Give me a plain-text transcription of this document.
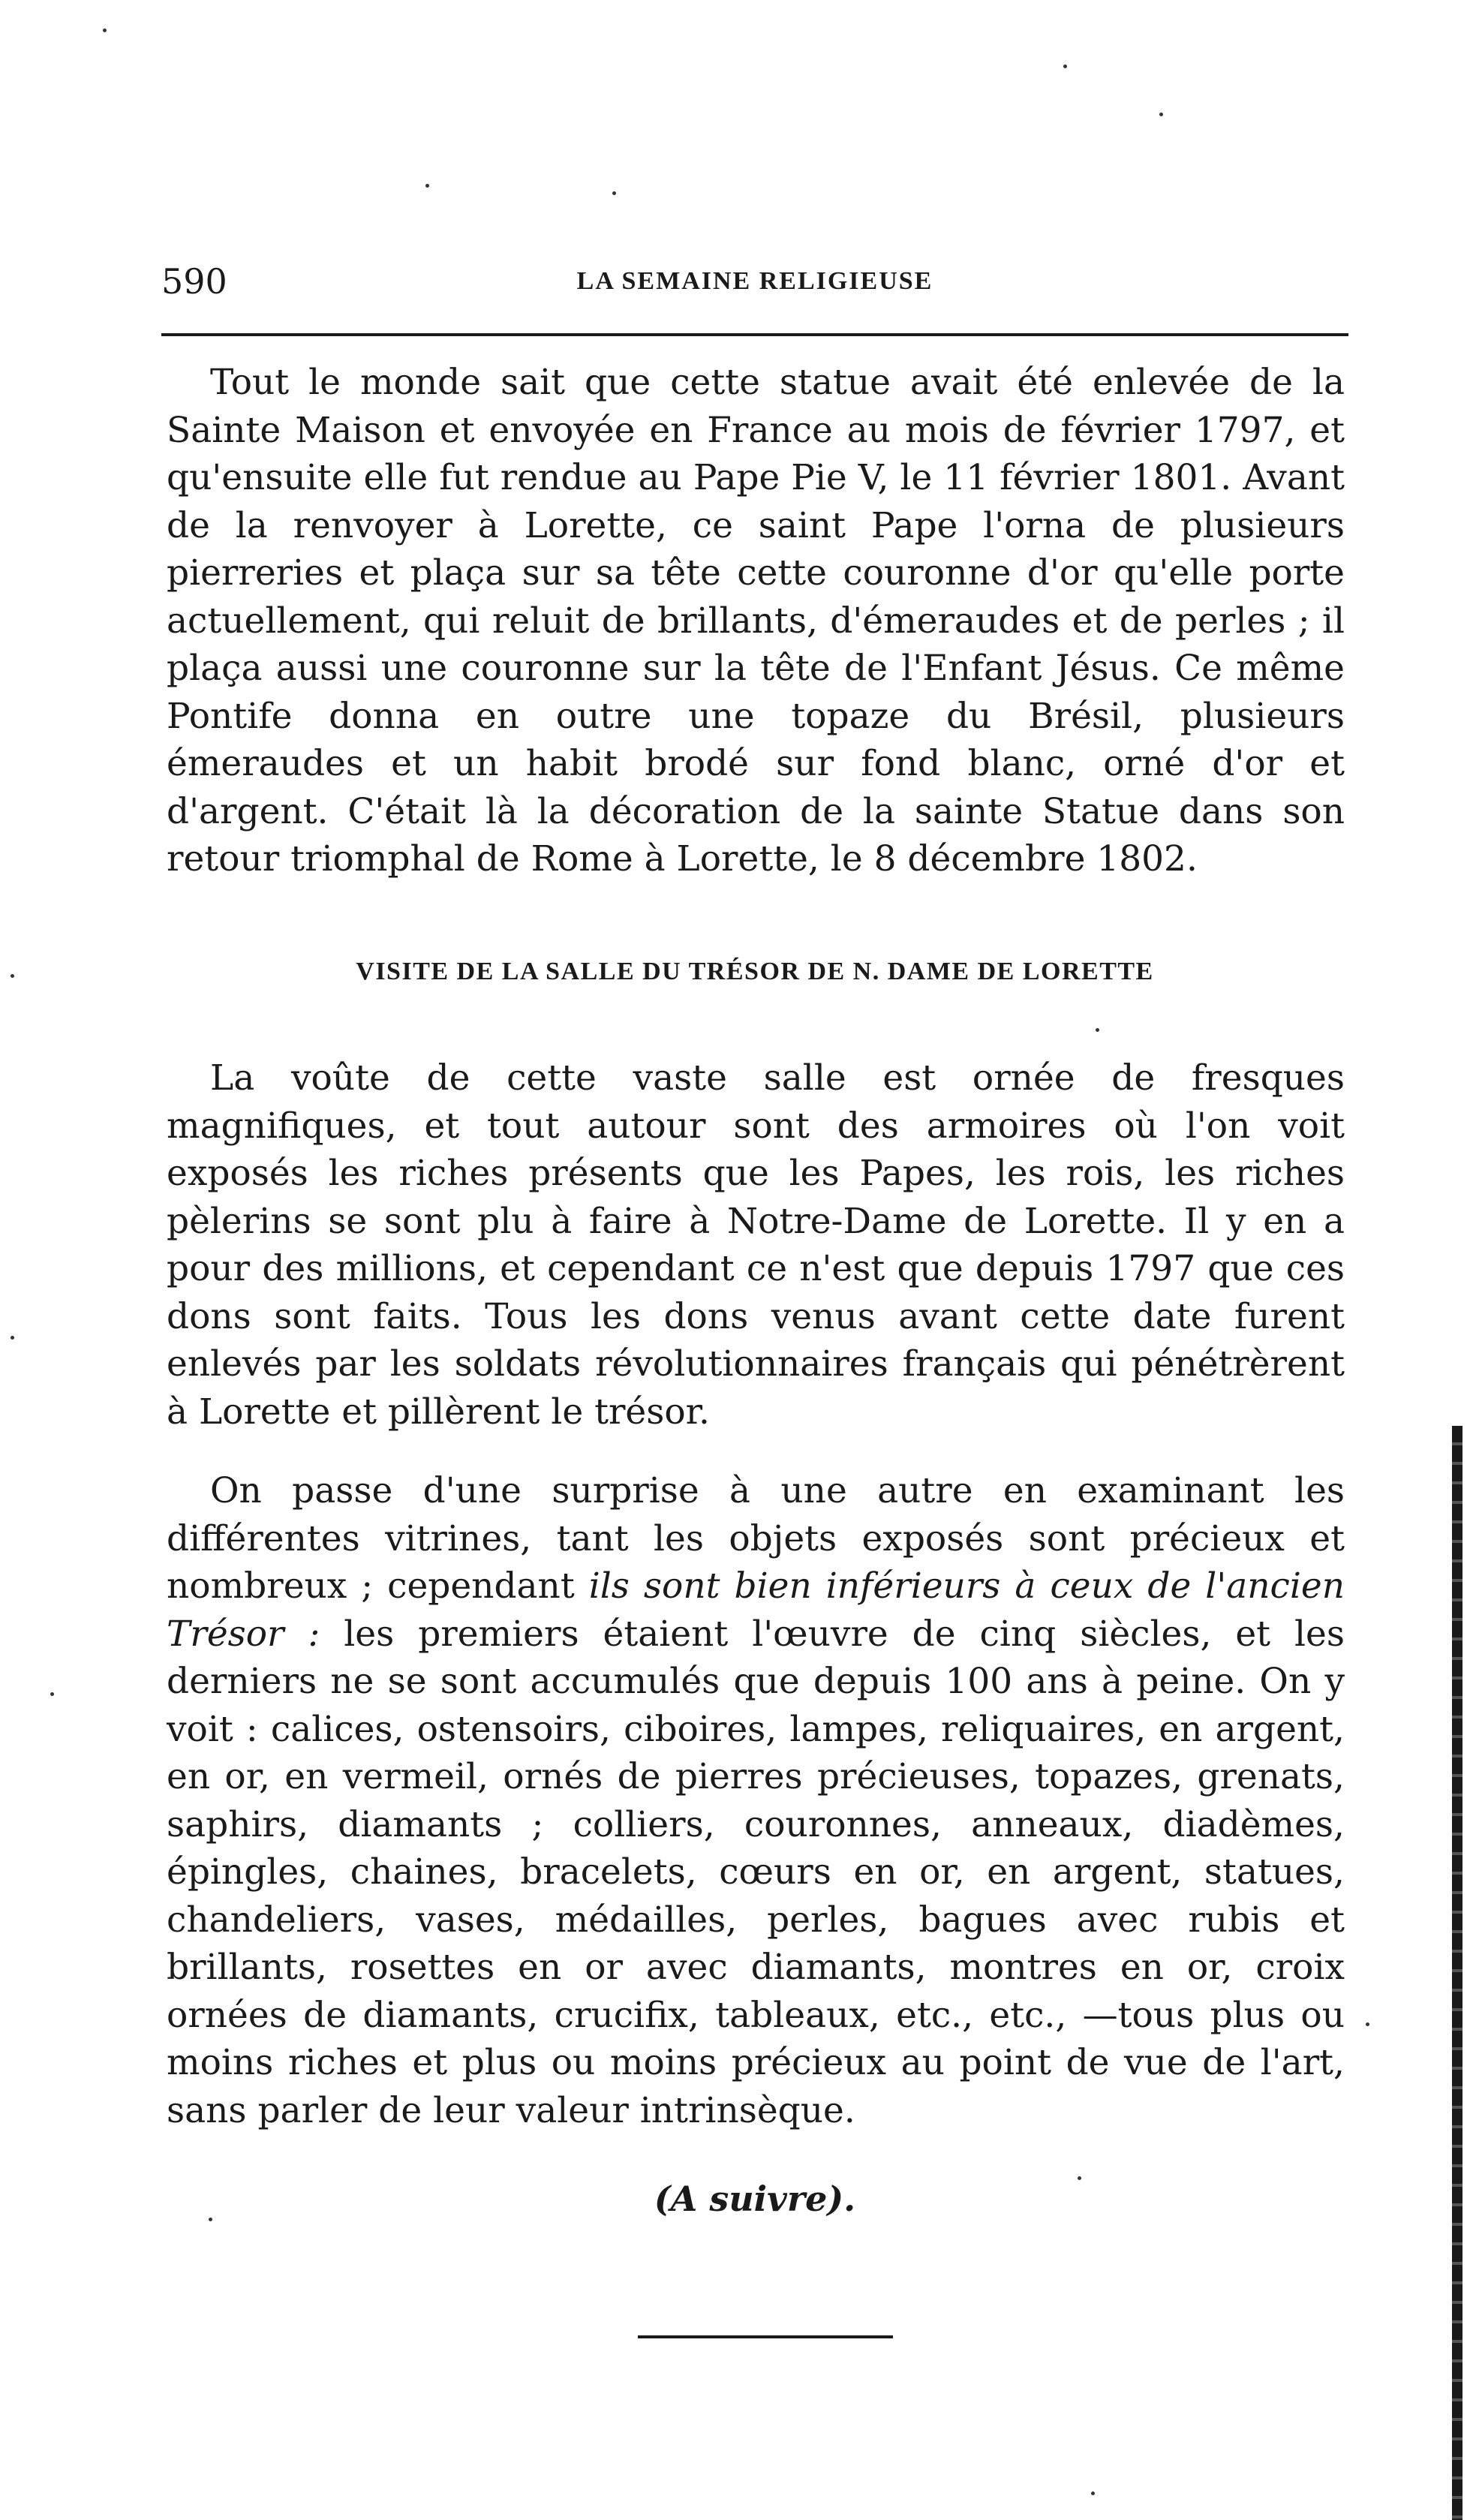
590	LA SEMAINE RELIGIEUSE
Tout le monde sait que cette statue avait été enlevée de la Sainte Maison et envoyée en France au mois de février 1797, et qu'ensuite elle fut rendue au Pape Pie V, le 11 février 1801. Avant de la renvoyer à Lorette, ce saint Pape l'orna de plusieurs pierreries et plaça sur sa tête cette couronne d'or qu'elle porte actuellement, qui reluit de brillants, d'émeraudes et de perles ; il plaça aussi une couronne sur la tête de l'Enfant Jésus. Ce même Pontife donna en outre une topaze du Brésil, plusieurs émeraudes et un habit brodé sur fond blanc, orné d'or et d'argent. C'était là la décoration de la sainte Statue dans son retour triomphal de Rome à Lorette, le 8 décembre 1802.
VISITE DE LA SALLE DU TRÉSOR DE N. DAME DE LORETTE
La voûte de cette vaste salle est ornée de fresques magnifiques, et tout autour sont des armoires où l'on voit exposés les riches présents que les Papes, les rois, les riches pèlerins se sont plu à faire à Notre-Dame de Lorette. Il y en a pour des millions, et cependant ce n'est que depuis 1797 que ces dons sont faits. Tous les dons venus avant cette date furent enlevés par les soldats révolutionnaires français qui pénétrèrent à Lorette et pillèrent le trésor.
On passe d'une surprise à une autre en examinant les différentes vitrines, tant les objets exposés sont précieux et nombreux ; cependant ils sont bien inférieurs à ceux de l'ancien Trésor : les premiers étaient l'œuvre de cinq siècles, et les derniers ne se sont accumulés que depuis 100 ans à peine. On y voit : calices, ostensoirs, ciboires, lampes, reliquaires, en argent, en or, en vermeil, ornés de pierres précieuses, topazes, grenats, saphirs, diamants ; colliers, couronnes, anneaux, diadèmes, épingles, chaines, bracelets, cœurs en or, en argent, statues, chandeliers, vases, médailles, perles, bagues avec rubis et brillants, rosettes en or avec diamants, montres en or, croix ornées de diamants, crucifix, tableaux, etc., etc., —tous plus ou moins riches et plus ou moins précieux au point de vue de l'art, sans parler de leur valeur intrinsèque.
(A suivre).
